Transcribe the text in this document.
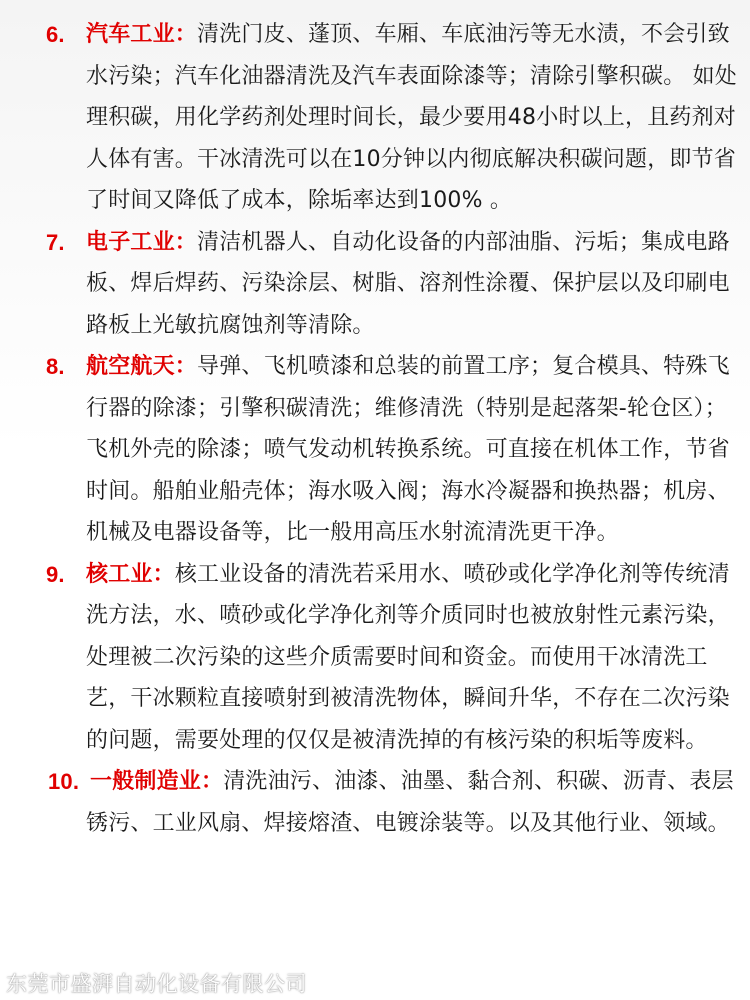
6. 汽车工业：清洗门皮、蓬顶、车厢、车底油污等无水渍，不会引致水污染；汽车化油器清洗及汽车表面除漆等；清除引擎积碳。 如处理积碳，用化学药剂处理时间长，最少要用48小时以上，且药剂对人体有害。干冰清洗可以在10分钟以内彻底解决积碳问题，即节省了时间又降低了成本，除垢率达到100% 。
7. 电子工业：清洁机器人、自动化设备的内部油脂、污垢；集成电路板、焊后焊药、污染涂层、树脂、溶剂性涂覆、保护层以及印刷电路板上光敏抗腐蚀剂等清除。
8. 航空航天：导弹、飞机喷漆和总装的前置工序；复合模具、特殊飞行器的除漆；引擎积碳清洗；维修清洗（特别是起落架-轮仓区）；飞机外壳的除漆；喷气发动机转换系统。可直接在机体工作，节省时间。船舶业船壳体；海水吸入阀；海水冷凝器和换热器；机房、机械及电器设备等，比一般用高压水射流清洗更干净。
9. 核工业：核工业设备的清洗若采用水、喷砂或化学净化剂等传统清洗方法，水、喷砂或化学净化剂等介质同时也被放射性元素污染，处理被二次污染的这些介质需要时间和资金。而使用干冰清洗工艺，干冰颗粒直接喷射到被清洗物体，瞬间升华，不存在二次污染的问题，需要处理的仅仅是被清洗掉的有核污染的积垢等废料。
10. 一般制造业：清洗油污、油漆、油墨、黏合剂、积碳、沥青、表层锈污、工业风扇、焊接熔渣、电镀涂装等。以及其他行业、领域。
东莞市盛湃自动化设备有限公司
